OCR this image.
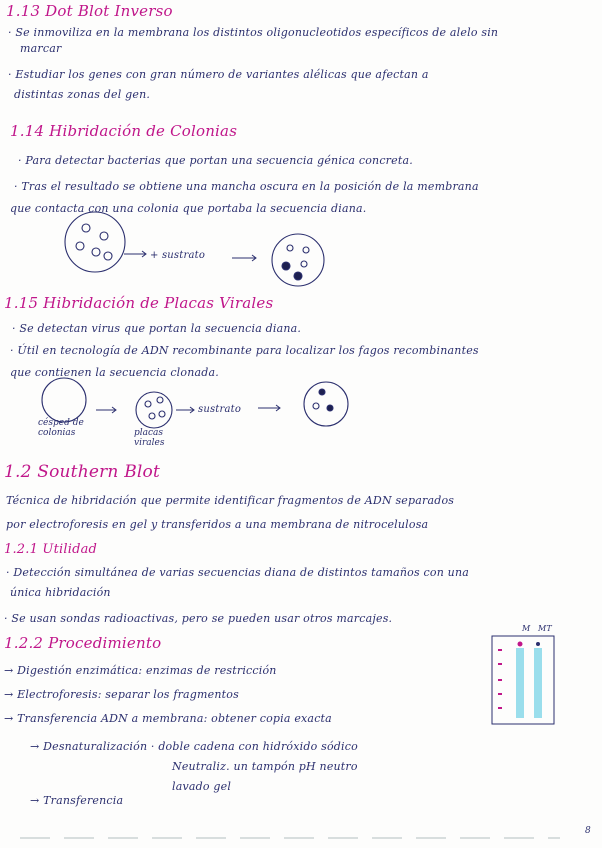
1.13 Dot Blot Inverso
· Se inmoviliza en la membrana los distintos oligonucleotidos específicos de alelo sin
marcar
· Estudiar los genes con gran número de variantes alélicas que afectan a
distintas zonas del gen.
1.14 Hibridación de Colonias
· Para detectar bacterias que portan una secuencia génica concreta.
· Tras el resultado se obtiene una mancha oscura en la posición de la membrana
que contacta con una colonia que portaba la secuencia diana.
+ sustrato
1.15 Hibridación de Placas Virales
· Se detectan virus que portan la secuencia diana.
· Útil en tecnología de ADN recombinante para localizar los fagos recombinantes
que contienen la secuencia clonada.
césped de colonias	placas virales
sustrato
1.2 Southern Blot
Técnica de hibridación que permite identificar fragmentos de ADN separados
por electroforesis en gel y transferidos a una membrana de nitrocelulosa
1.2.1 Utilidad
· Detección simultánea de varias secuencias diana de distintos tamaños con una
única hibridación
· Se usan sondas radioactivas, pero se pueden usar otros marcajes.
1.2.2 Procedimiento
→ Digestión enzimática: enzimas de restricción
→ Electroforesis: separar los fragmentos
→ Transferencia ADN a membrana: obtener copia exacta
→ Desnaturalización · doble cadena con hidróxido sódico
Neutraliz. un tampón pH neutro
lavado gel
→ Transferencia
M MT
8
